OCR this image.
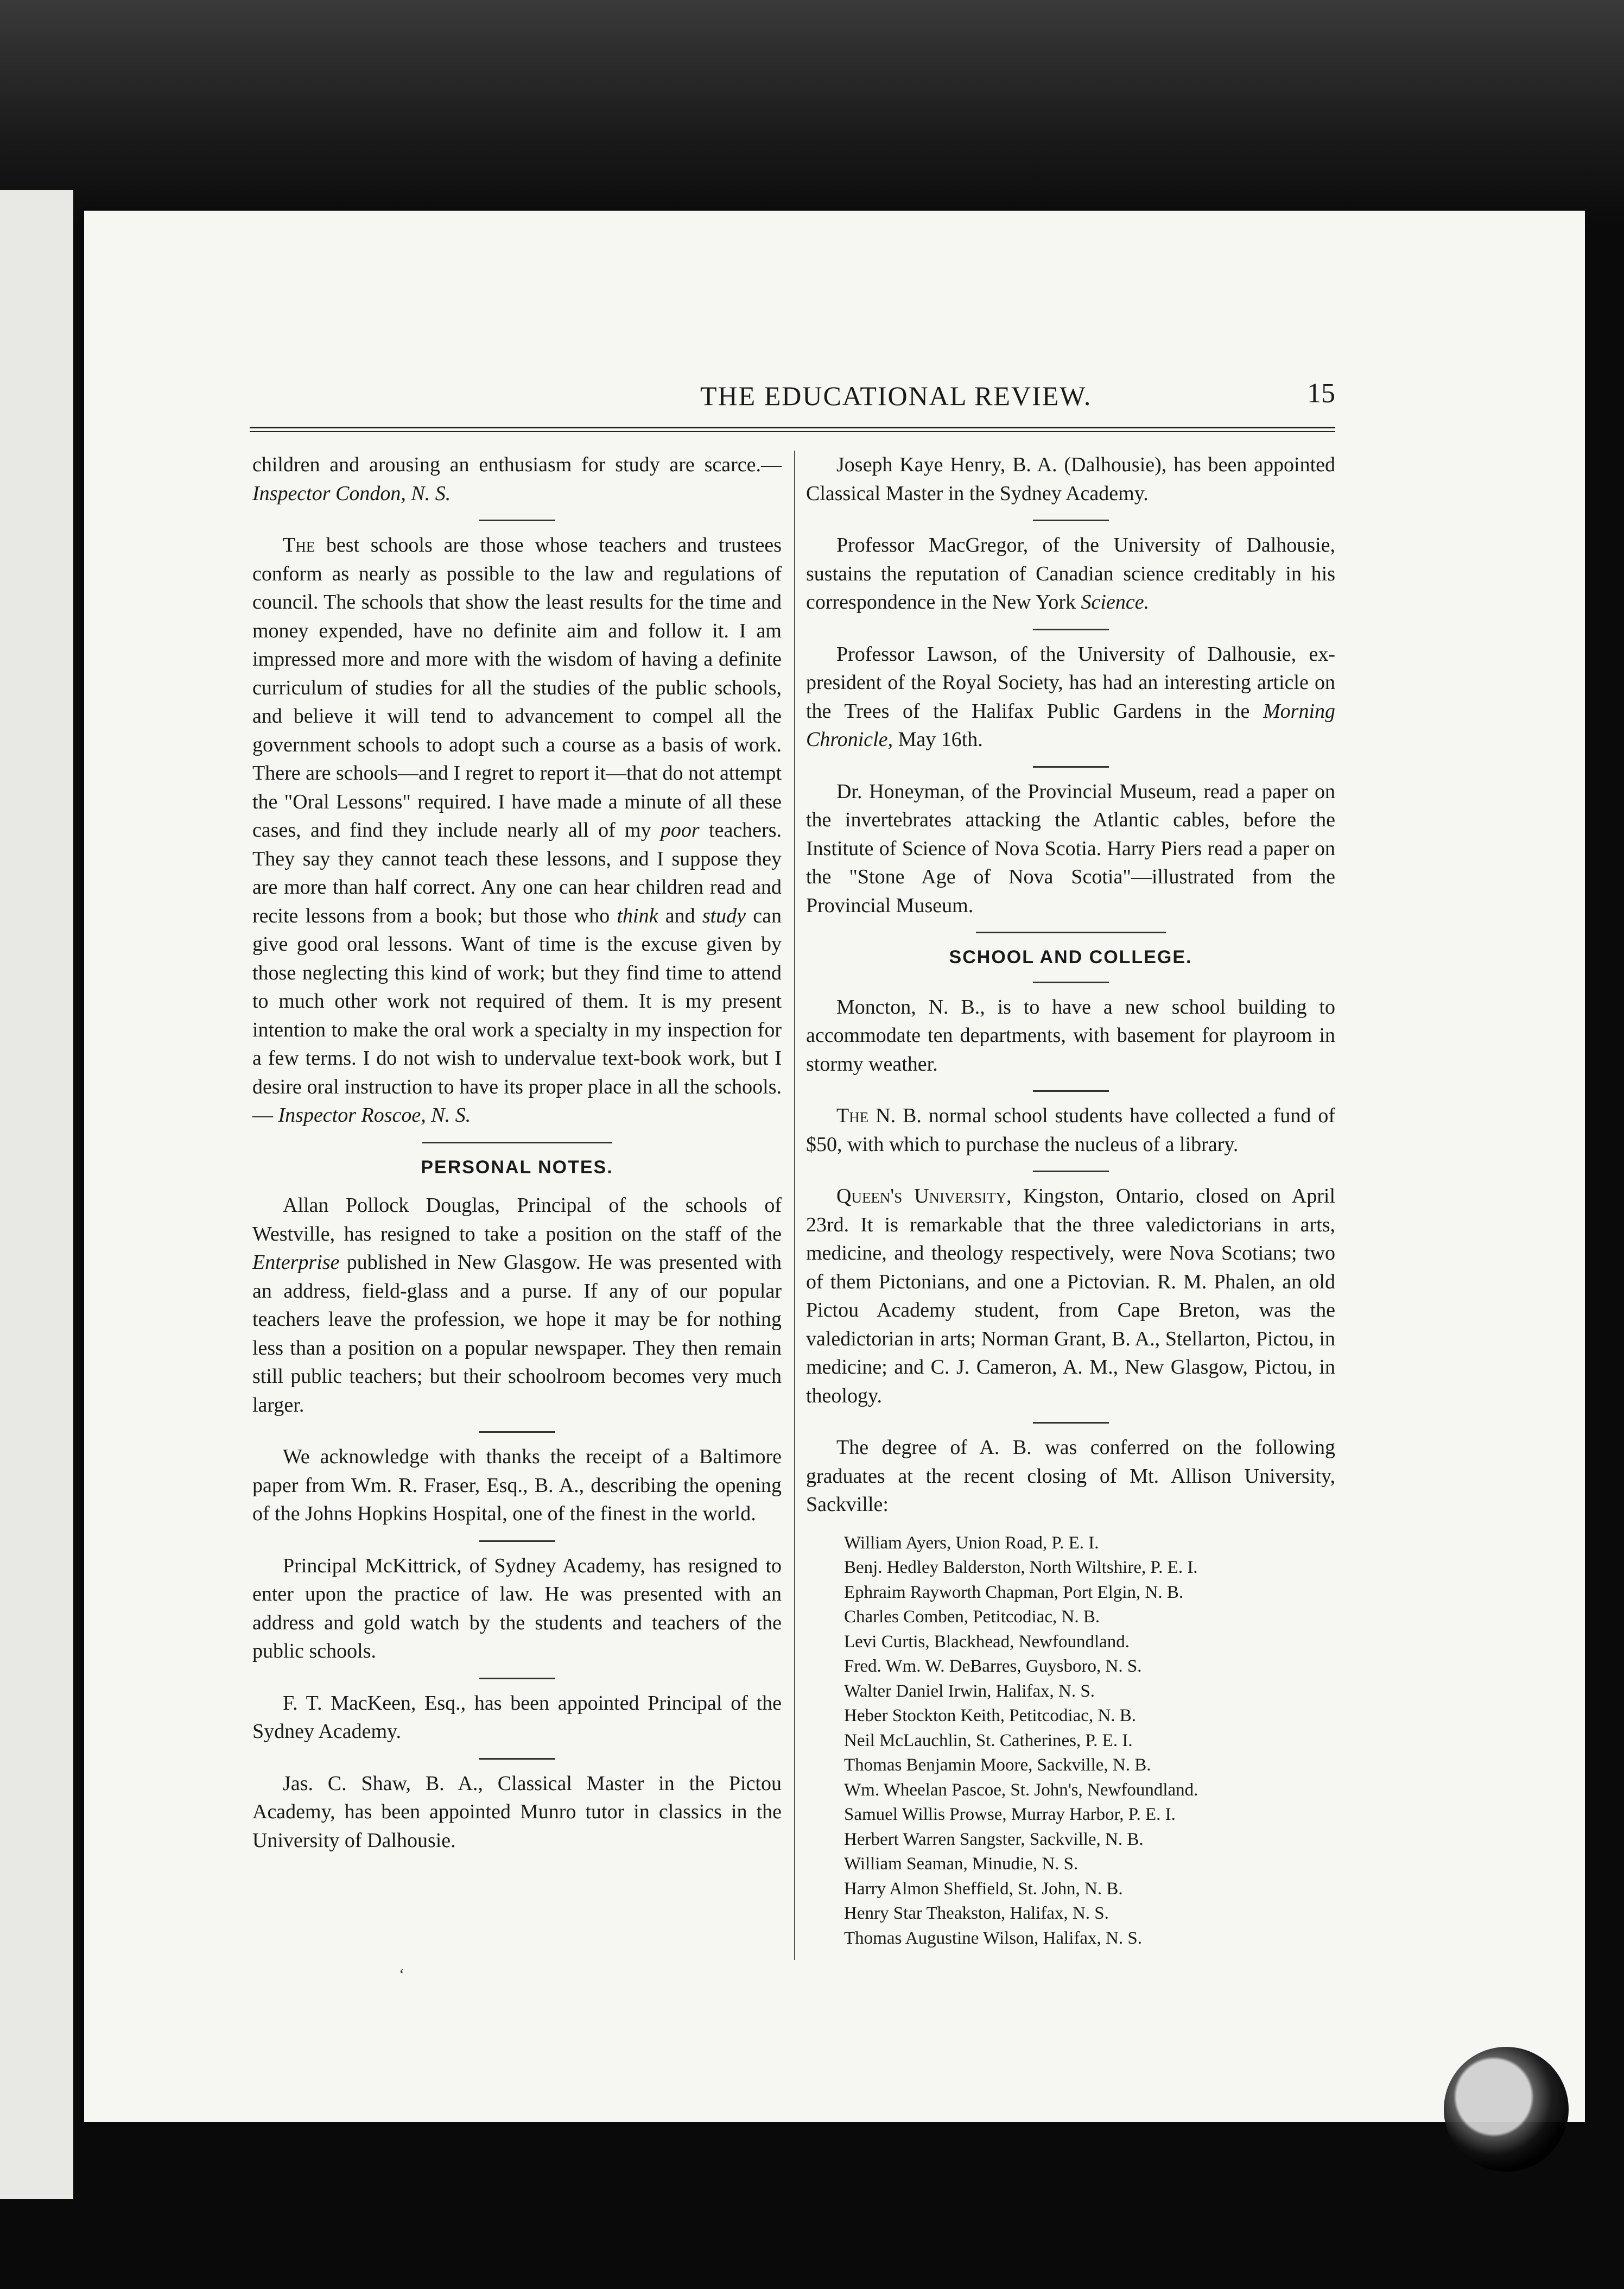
THE EDUCATIONAL REVIEW.	15

children and arousing an enthusiasm for study are scarce.—Inspector Condon, N. S.

The best schools are those whose teachers and trustees conform as nearly as possible to the law and regulations of council. The schools that show the least results for the time and money expended, have no definite aim and follow it. I am impressed more and more with the wisdom of having a definite curriculum of studies for all the studies of the public schools, and believe it will tend to advancement to compel all the government schools to adopt such a course as a basis of work. There are schools—and I regret to report it—that do not attempt the "Oral Lessons" required. I have made a minute of all these cases, and find they include nearly all of my poor teachers. They say they cannot teach these lessons, and I suppose they are more than half correct. Any one can hear children read and recite lessons from a book; but those who think and study can give good oral lessons. Want of time is the excuse given by those neglecting this kind of work; but they find time to attend to much other work not required of them. It is my present intention to make the oral work a specialty in my inspection for a few terms. I do not wish to undervalue text-book work, but I desire oral instruction to have its proper place in all the schools.— Inspector Roscoe, N. S.

PERSONAL NOTES.

Allan Pollock Douglas, Principal of the schools of Westville, has resigned to take a position on the staff of the Enterprise published in New Glasgow. He was presented with an address, field-glass and a purse. If any of our popular teachers leave the profession, we hope it may be for nothing less than a position on a popular newspaper. They then remain still public teachers; but their schoolroom becomes very much larger.

We acknowledge with thanks the receipt of a Baltimore paper from Wm. R. Fraser, Esq., B. A., describing the opening of the Johns Hopkins Hospital, one of the finest in the world.

Principal McKittrick, of Sydney Academy, has resigned to enter upon the practice of law. He was presented with an address and gold watch by the students and teachers of the public schools.

F. T. MacKeen, Esq., has been appointed Principal of the Sydney Academy.

Jas. C. Shaw, B. A., Classical Master in the Pictou Academy, has been appointed Munro tutor in classics in the University of Dalhousie.

Joseph Kaye Henry, B. A. (Dalhousie), has been appointed Classical Master in the Sydney Academy.

Professor MacGregor, of the University of Dalhousie, sustains the reputation of Canadian science creditably in his correspondence in the New York Science.

Professor Lawson, of the University of Dalhousie, ex-president of the Royal Society, has had an interesting article on the Trees of the Halifax Public Gardens in the Morning Chronicle, May 16th.

Dr. Honeyman, of the Provincial Museum, read a paper on the invertebrates attacking the Atlantic cables, before the Institute of Science of Nova Scotia. Harry Piers read a paper on the "Stone Age of Nova Scotia"—illustrated from the Provincial Museum.

SCHOOL AND COLLEGE.

Moncton, N. B., is to have a new school building to accommodate ten departments, with basement for playroom in stormy weather.

The N. B. normal school students have collected a fund of $50, with which to purchase the nucleus of a library.

Queen's University, Kingston, Ontario, closed on April 23rd. It is remarkable that the three valedictorians in arts, medicine, and theology respectively, were Nova Scotians; two of them Pictonians, and one a Pictovian. R. M. Phalen, an old Pictou Academy student, from Cape Breton, was the valedictorian in arts; Norman Grant, B. A., Stellarton, Pictou, in medicine; and C. J. Cameron, A. M., New Glasgow, Pictou, in theology.

The degree of A. B. was conferred on the following graduates at the recent closing of Mt. Allison University, Sackville:

William Ayers, Union Road, P. E. I.
Benj. Hedley Balderston, North Wiltshire, P. E. I.
Ephraim Rayworth Chapman, Port Elgin, N. B.
Charles Comben, Petitcodiac, N. B.
Levi Curtis, Blackhead, Newfoundland.
Fred. Wm. W. DeBarres, Guysboro, N. S.
Walter Daniel Irwin, Halifax, N. S.
Heber Stockton Keith, Petitcodiac, N. B.
Neil McLauchlin, St. Catherines, P. E. I.
Thomas Benjamin Moore, Sackville, N. B.
Wm. Wheelan Pascoe, St. John's, Newfoundland.
Samuel Willis Prowse, Murray Harbor, P. E. I.
Herbert Warren Sangster, Sackville, N. B.
William Seaman, Minudie, N. S.
Harry Almon Sheffield, St. John, N. B.
Henry Star Theakston, Halifax, N. S.
Thomas Augustine Wilson, Halifax, N. S.
ʻ
